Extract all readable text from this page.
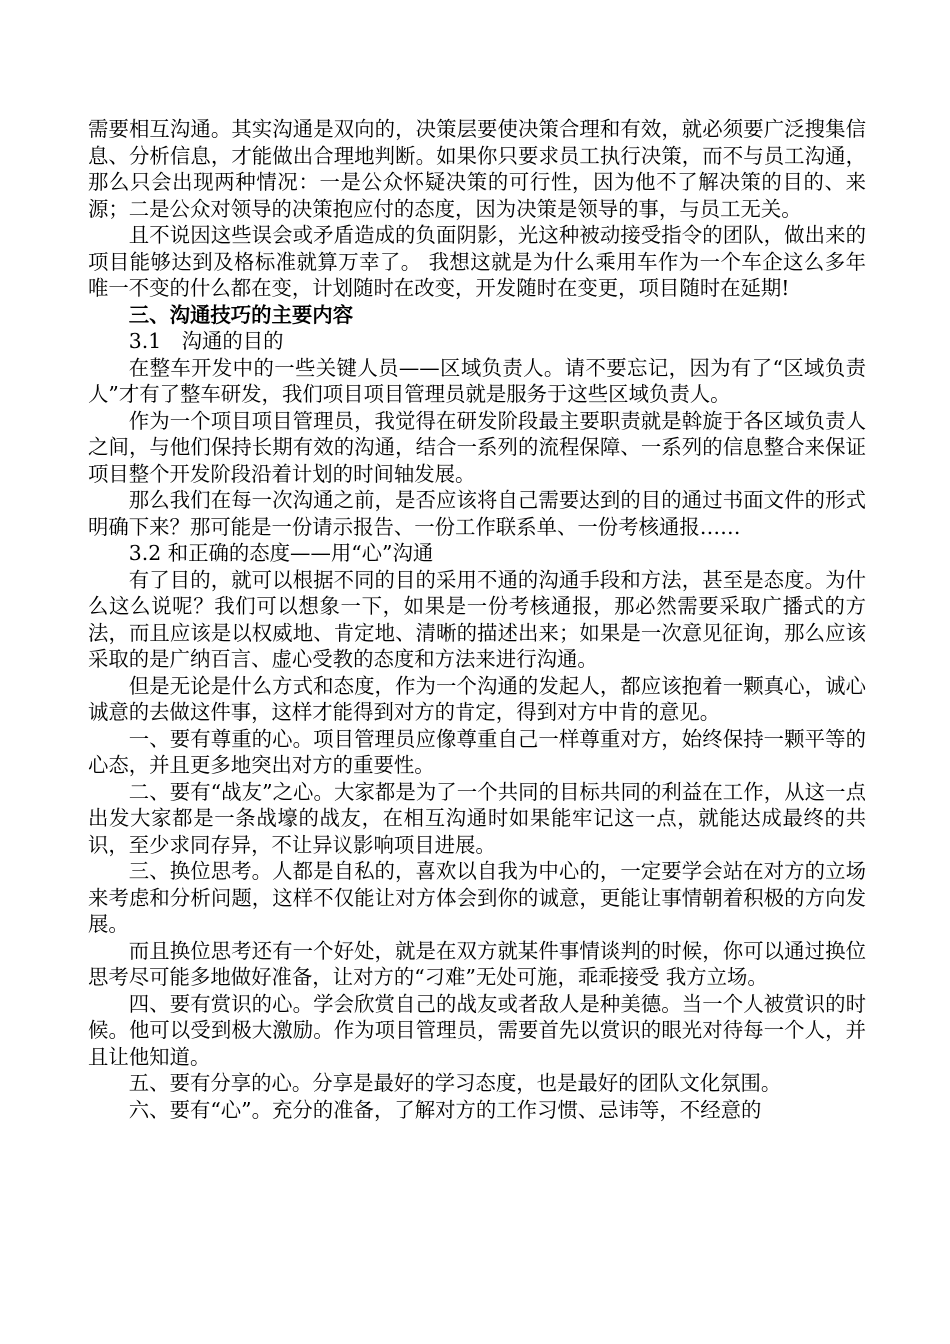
需要相互沟通。其实沟通是双向的，决策层要使决策合理和有效，就必须要广泛搜集信息、分析信息，才能做出合理地判断。如果你只要求员工执行决策，而不与员工沟通，那么只会出现两种情况：一是公众怀疑决策的可行性，因为他不了解决策的目的、来源；二是公众对领导的决策抱应付的态度，因为决策是领导的事，与员工无关。

且不说因这些误会或矛盾造成的负面阴影，光这种被动接受指令的团队，做出来的项目能够达到及格标准就算万幸了。 我想这就是为什么乘用车作为一个车企这么多年唯一不变的什么都在变，计划随时在改变，开发随时在变更，项目随时在延期!

三、沟通技巧的主要内容

3.1　沟通的目的

在整车开发中的一些关键人员——区域负责人。请不要忘记，因为有了“区域负责人”才有了整车研发，我们项目项目管理员就是服务于这些区域负责人。

作为一个项目项目管理员，我觉得在研发阶段最主要职责就是斡旋于各区域负责人之间，与他们保持长期有效的沟通，结合一系列的流程保障、一系列的信息整合来保证项目整个开发阶段沿着计划的时间轴发展。

那么我们在每一次沟通之前，是否应该将自己需要达到的目的通过书面文件的形式明确下来？那可能是一份请示报告、一份工作联系单、一份考核通报……

3.2 和正确的态度——用“心”沟通

有了目的，就可以根据不同的目的采用不通的沟通手段和方法，甚至是态度。为什么这么说呢？我们可以想象一下，如果是一份考核通报，那必然需要采取广播式的方法，而且应该是以权威地、肯定地、清晰的描述出来；如果是一次意见征询，那么应该采取的是广纳百言、虚心受教的态度和方法来进行沟通。

但是无论是什么方式和态度，作为一个沟通的发起人，都应该抱着一颗真心，诚心诚意的去做这件事，这样才能得到对方的肯定，得到对方中肯的意见。

一、要有尊重的心。项目管理员应像尊重自己一样尊重对方，始终保持一颗平等的心态，并且更多地突出对方的重要性。

二、要有“战友”之心。大家都是为了一个共同的目标共同的利益在工作，从这一点出发大家都是一条战壕的战友，在相互沟通时如果能牢记这一点，就能达成最终的共识，至少求同存异，不让异议影响项目进展。

三、换位思考。人都是自私的，喜欢以自我为中心的，一定要学会站在对方的立场来考虑和分析问题，这样不仅能让对方体会到你的诚意，更能让事情朝着积极的方向发展。

而且换位思考还有一个好处，就是在双方就某件事情谈判的时候，你可以通过换位思考尽可能多地做好准备，让对方的“刁难”无处可施，乖乖接受 我方立场。

四、要有赏识的心。学会欣赏自己的战友或者敌人是种美德。当一个人被赏识的时候。他可以受到极大激励。作为项目管理员，需要首先以赏识的眼光对待每一个人，并且让他知道。

五、要有分享的心。分享是最好的学习态度，也是最好的团队文化氛围。

六、要有“心”。充分的准备，了解对方的工作习惯、忌讳等，不经意的
